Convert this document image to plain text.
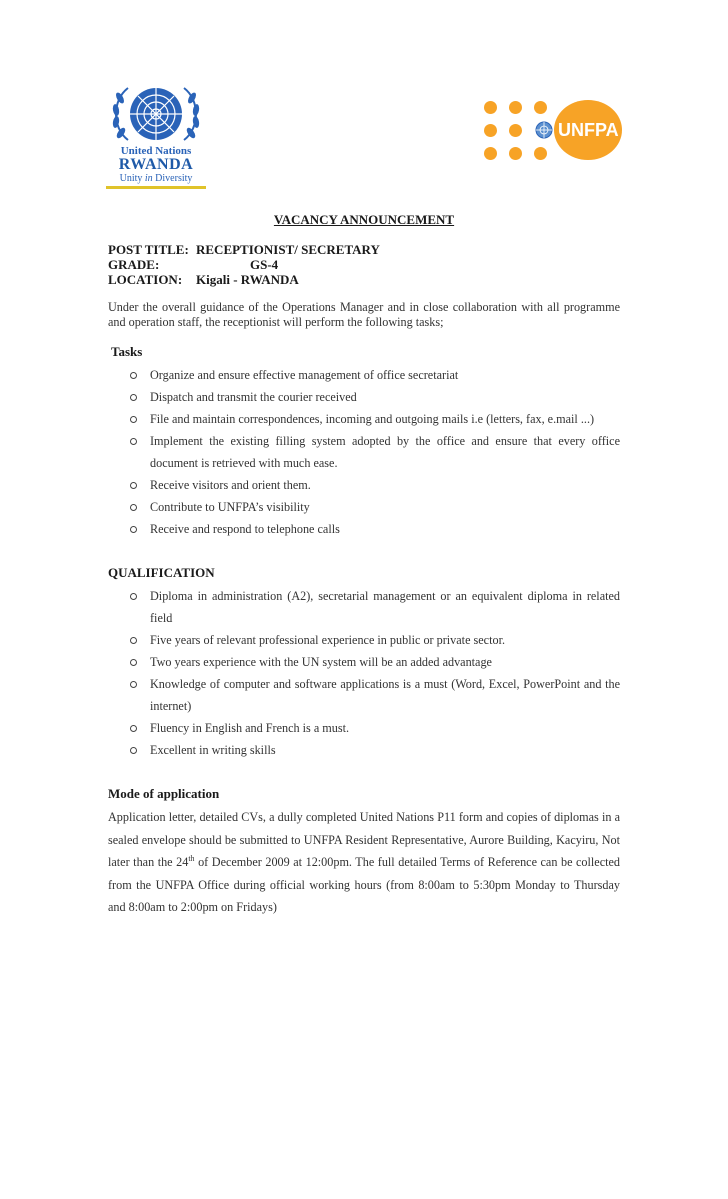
United Nations
RWANDA
Unity in Diversity
UNFPA
VACANCY ANNOUNCEMENT
POST TITLE: RECEPTIONIST/ SECRETARY
GRADE:	GS-4
LOCATION:	Kigali - RWANDA
Under the overall guidance of the Operations Manager and in close collaboration with all programme and operation staff, the receptionist will perform the following tasks;
Tasks
Organize and ensure effective management of office secretariat
Dispatch and transmit the courier received
File and maintain correspondences, incoming and outgoing mails i.e (letters, fax, e.mail ...)
Implement the existing filling system adopted by the office and ensure that every office document is retrieved with much ease.
Receive visitors and orient them.
Contribute to UNFPA’s visibility
Receive and respond to telephone calls
QUALIFICATION
Diploma in administration (A2), secretarial management or an equivalent diploma in related field
Five years of relevant professional experience in public or private sector.
Two years experience with the UN system will be an added advantage
Knowledge of computer and software applications is a must (Word, Excel, PowerPoint and the internet)
Fluency in English and French is a must.
Excellent in writing skills
Mode of application
Application letter, detailed CVs, a dully completed United Nations P11 form and copies of diplomas in a sealed envelope should be submitted to UNFPA Resident Representative, Aurore Building, Kacyiru, Not later than the 24th of December 2009 at 12:00pm. The full detailed Terms of Reference can be collected from the UNFPA Office during official working hours (from 8:00am to 5:30pm Monday to Thursday and 8:00am to 2:00pm on Fridays)
